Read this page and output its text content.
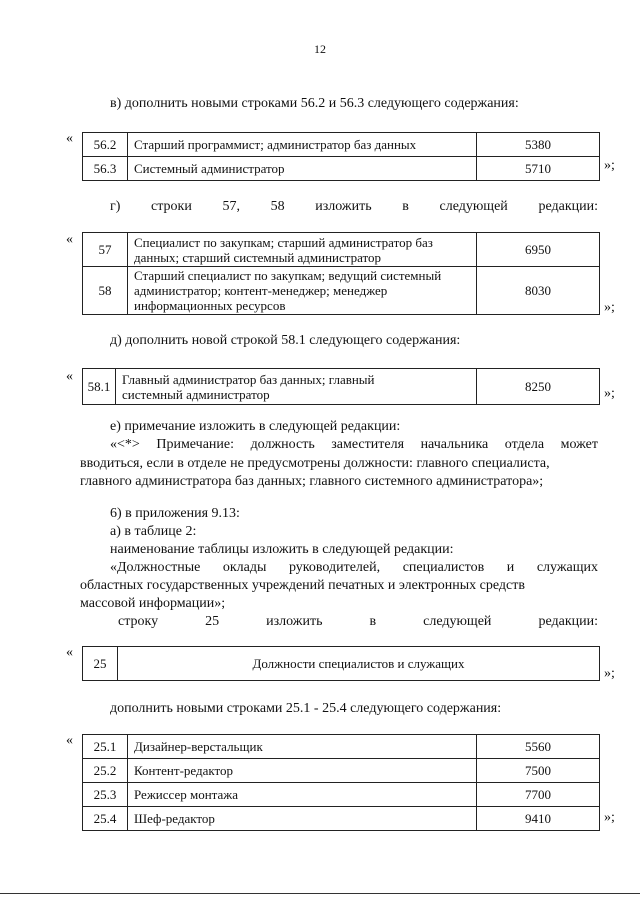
12
в) дополнить новыми строками 56.2 и 56.3 следующего содержания:
« 56.2	Старший программист; администратор баз данных	5380
56.3	Системный администратор	5710	»;
г) строки 57, 58 изложить в следующей редакции:
«
57	Специалист по закупкам; старший администратор баз
данных; старший системный администратор	6950
58	Старший специалист по закупкам; ведущий системный
администратор; контент-менеджер; менеджер
информационных ресурсов	8030
»;
д) дополнить новой строкой 58.1 следующего содержания:
«
58.1	Главный администратор баз данных; главный
системный администратор	8250	»;
е) примечание изложить в следующей редакции:
«<*> Примечание: должность заместителя начальника отдела может
вводиться, если в отделе не предусмотрены должности: главного специалиста,
главного администратора баз данных; главного системного администратора»;
6) в приложения 9.13:
а) в таблице 2:
наименование таблицы изложить в следующей редакции:
«Должностные оклады руководителей, специалистов и служащих
областных государственных учреждений печатных и электронных средств
массовой информации»;
строку	25	изложить	в	следующей	редакции:
«
25	Должности специалистов и служащих
»;
дополнить новыми строками 25.1 - 25.4 следующего содержания:
« 25.1	Дизайнер-верстальщик	5560
25.2	Контент-редактор	7500
25.3	Режиссер монтажа	7700
25.4	Шеф-редактор	9410	»;
